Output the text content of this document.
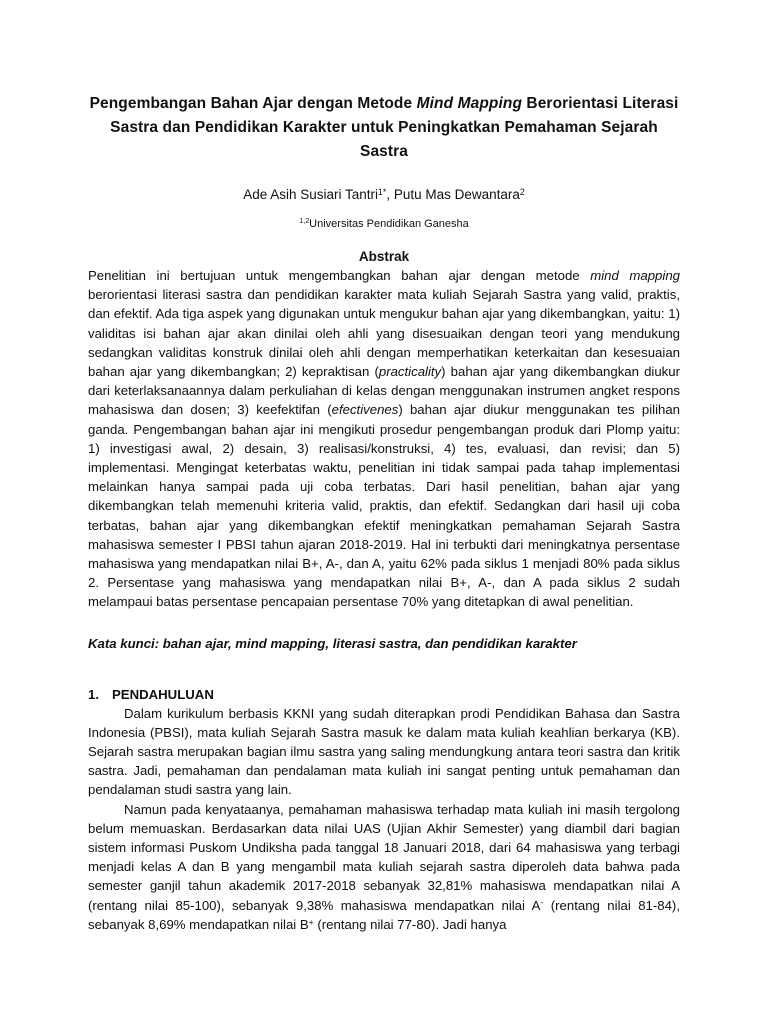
Pengembangan Bahan Ajar dengan Metode Mind Mapping Berorientasi Literasi Sastra dan Pendidikan Karakter untuk Peningkatkan Pemahaman Sejarah Sastra
Ade Asih Susiari Tantri$^{1*}$, Putu Mas Dewantara$^2$
$^{1,2}$Universitas Pendidikan Ganesha
Abstrak

Penelitian ini bertujuan untuk mengembangkan bahan ajar dengan metode mind mapping berorientasi literasi sastra dan pendidikan karakter mata kuliah Sejarah Sastra yang valid, praktis, dan efektif. Ada tiga aspek yang digunakan untuk mengukur bahan ajar yang dikembangkan, yaitu: 1) validitas isi bahan ajar akan dinilai oleh ahli yang disesuaikan dengan teori yang mendukung sedangkan validitas konstruk dinilai oleh ahli dengan memperhatikan keterkaitan dan kesesuaian bahan ajar yang dikembangkan; 2) kepraktisan (practicality) bahan ajar yang dikembangkan diukur dari keterlaksanaannya dalam perkuliahan di kelas dengan menggunakan instrumen angket respons mahasiswa dan dosen; 3) keefektifan (efectivenes) bahan ajar diukur menggunakan tes pilihan ganda. Pengembangan bahan ajar ini mengikuti prosedur pengembangan produk dari Plomp yaitu: 1) investigasi awal, 2) desain, 3) realisasi/konstruksi, 4) tes, evaluasi, dan revisi; dan 5) implementasi. Mengingat keterbatas waktu, penelitian ini tidak sampai pada tahap implementasi melainkan hanya sampai pada uji coba terbatas. Dari hasil penelitian, bahan ajar yang dikembangkan telah memenuhi kriteria valid, praktis, dan efektif. Sedangkan dari hasil uji coba terbatas, bahan ajar yang dikembangkan efektif meningkatkan pemahaman Sejarah Sastra mahasiswa semester I PBSI tahun ajaran 2018-2019. Hal ini terbukti dari meningkatnya persentase mahasiswa yang mendapatkan nilai B+, A-, dan A, yaitu 62% pada siklus 1 menjadi 80% pada siklus 2. Persentase yang mahasiswa yang mendapatkan nilai B+, A-, dan A pada siklus 2 sudah melampaui batas persentase pencapaian persentase 70% yang ditetapkan di awal penelitian.

Kata kunci: bahan ajar, mind mapping, literasi sastra, dan pendidikan karakter
1. PENDAHULUAN

Dalam kurikulum berbasis KKNI yang sudah diterapkan prodi Pendidikan Bahasa dan Sastra Indonesia (PBSI), mata kuliah Sejarah Sastra masuk ke dalam mata kuliah keahlian berkarya (KB). Sejarah sastra merupakan bagian ilmu sastra yang saling mendungkung antara teori sastra dan kritik sastra. Jadi, pemahaman dan pendalaman mata kuliah ini sangat penting untuk pemahaman dan pendalaman studi sastra yang lain.

Namun pada kenyataanya, pemahaman mahasiswa terhadap mata kuliah ini masih tergolong belum memuaskan. Berdasarkan data nilai UAS (Ujian Akhir Semester) yang diambil dari bagian sistem informasi Puskom Undiksha pada tanggal 18 Januari 2018, dari 64 mahasiswa yang terbagi menjadi kelas A dan B yang mengambil mata kuliah sejarah sastra diperoleh data bahwa pada semester ganjil tahun akademik 2017-2018 sebanyak 32,81% mahasiswa mendapatkan nilai A (rentang nilai 85-100), sebanyak 9,38% mahasiswa mendapatkan nilai A- (rentang nilai 81-84), sebanyak 8,69% mendapatkan nilai B+ (rentang nilai 77-80). Jadi hanya
